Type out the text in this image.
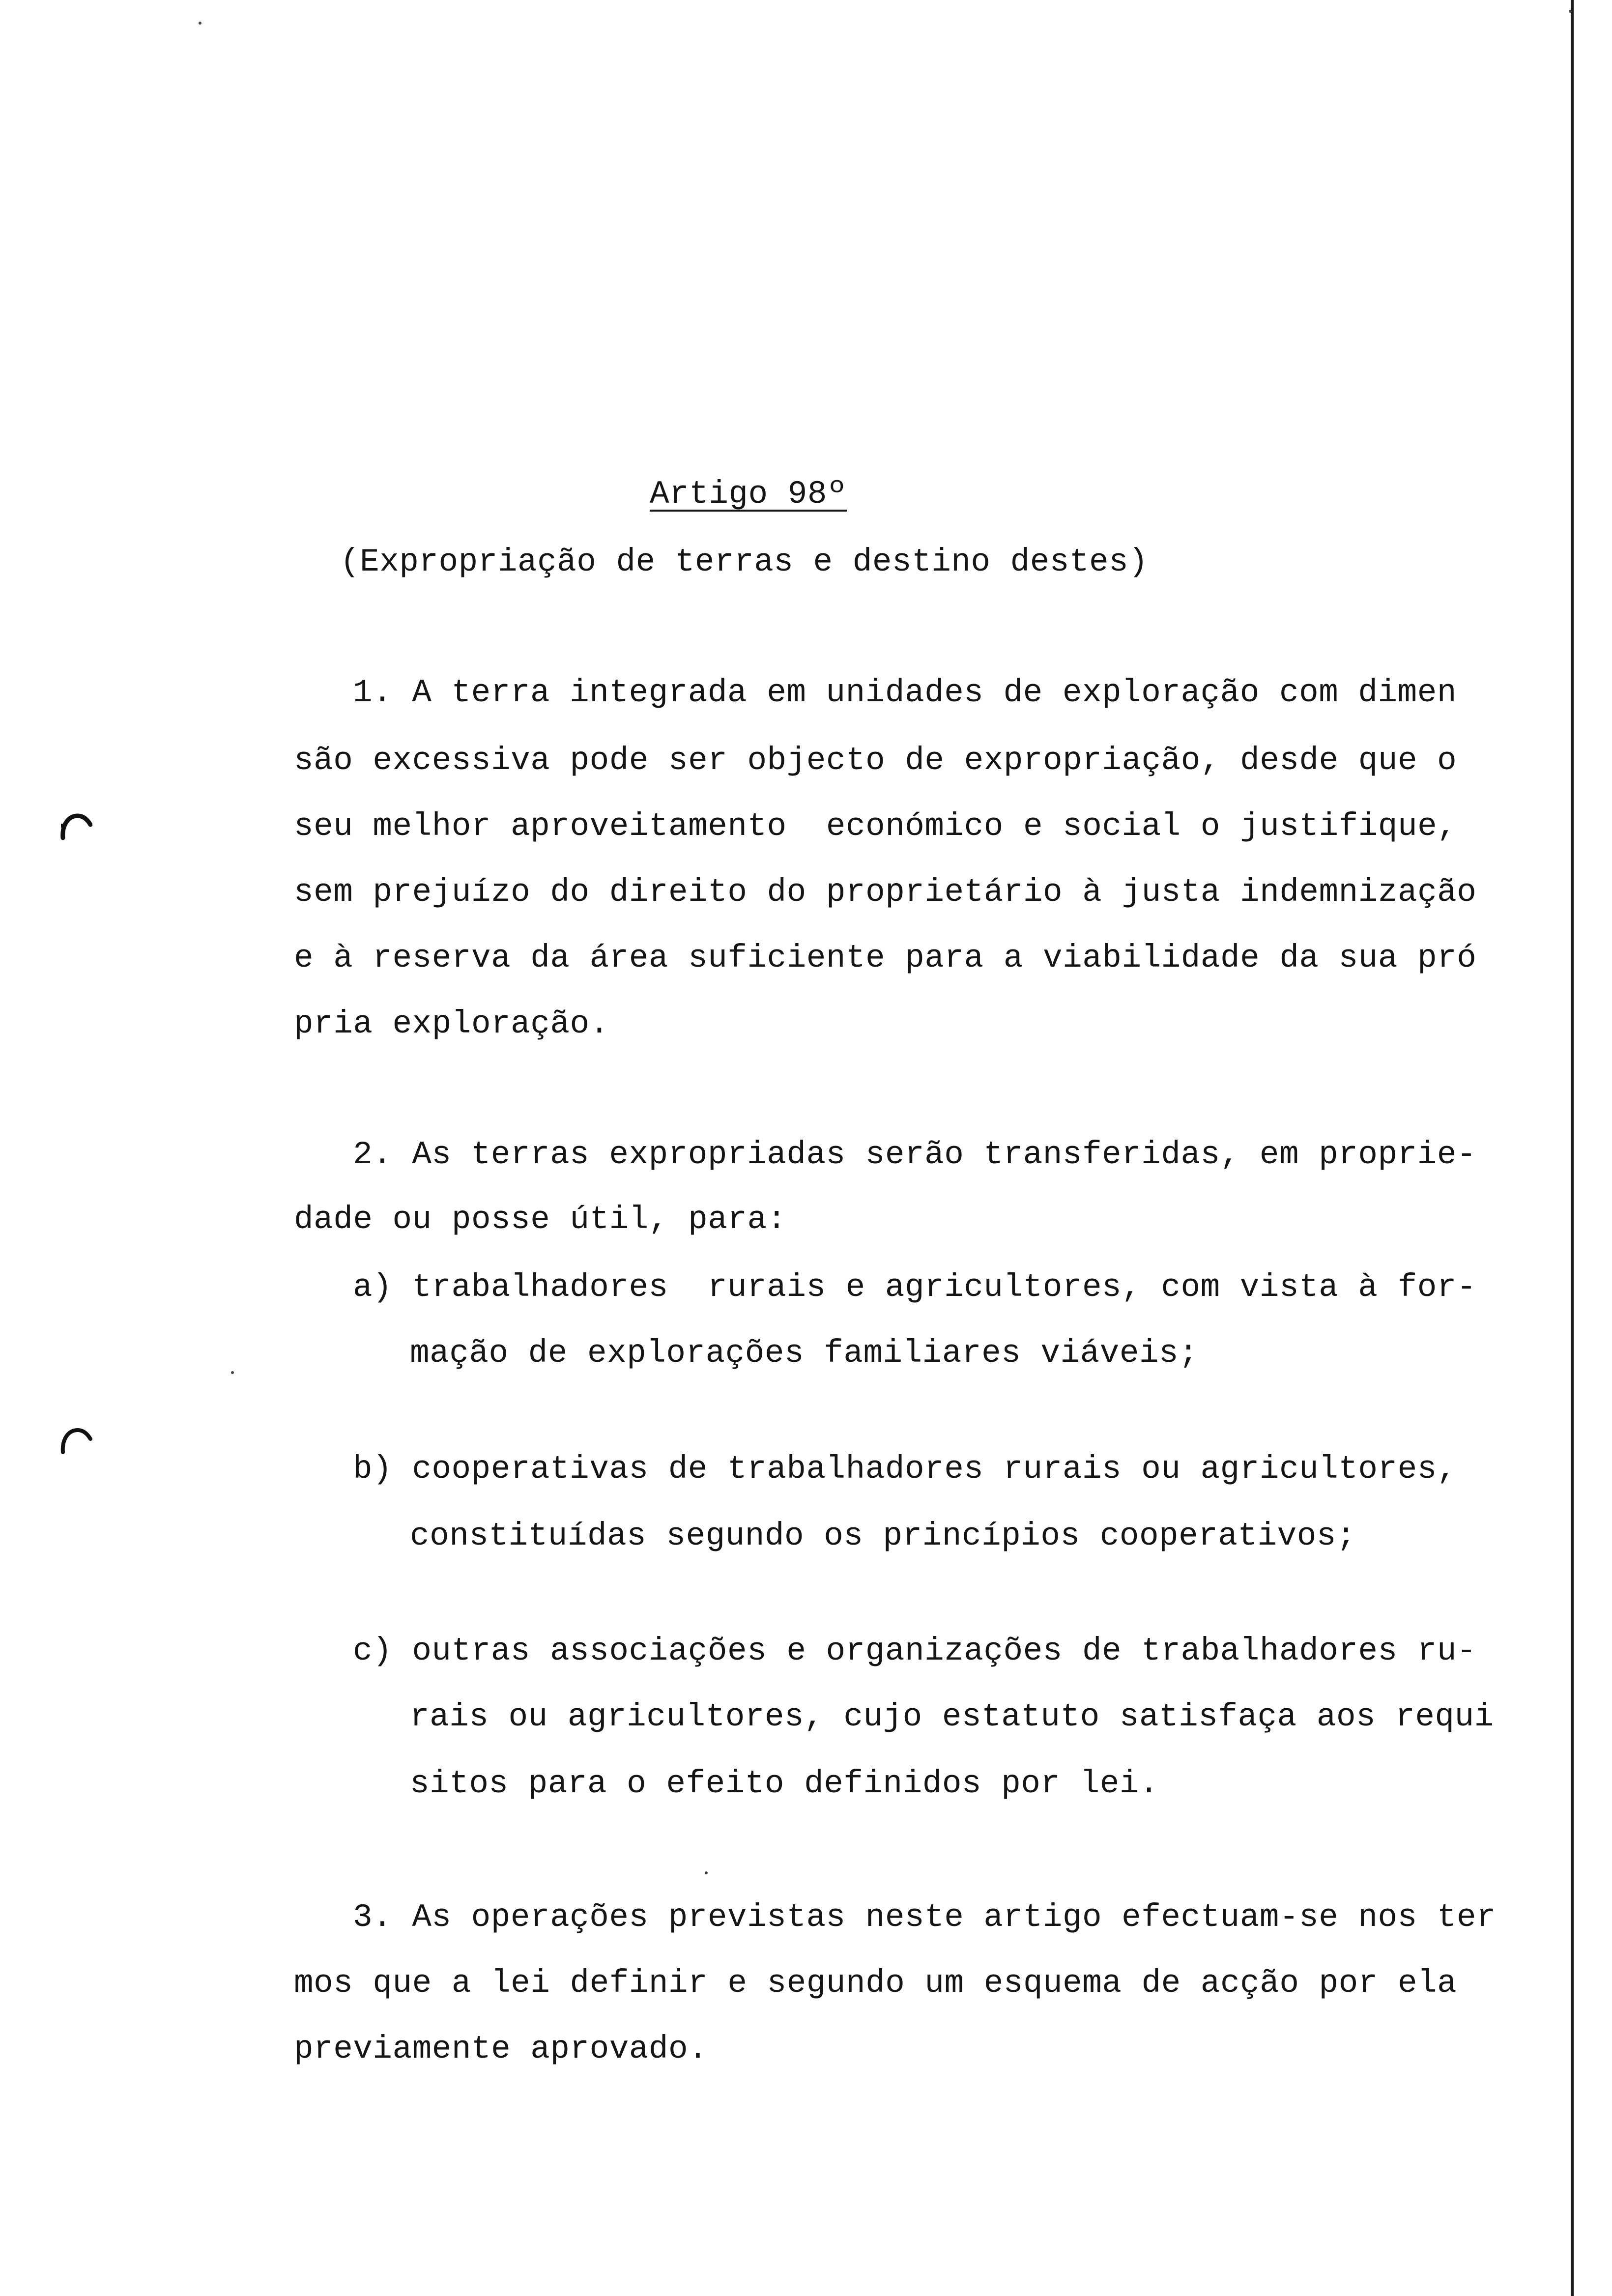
Artigo 98º
(Expropriação de terras e destino destes)
1. A terra integrada em unidades de exploração com dimen
são excessiva pode ser objecto de expropriação, desde que o
seu melhor aproveitamento  económico e social o justifique,
sem prejuízo do direito do proprietário à justa indemnização
e à reserva da área suficiente para a viabilidade da sua pró
pria exploração.
2. As terras expropriadas serão transferidas, em proprie-
dade ou posse útil, para:
a) trabalhadores  rurais e agricultores, com vista à for-
mação de explorações familiares viáveis;
b) cooperativas de trabalhadores rurais ou agricultores,
constituídas segundo os princípios cooperativos;
c) outras associações e organizações de trabalhadores ru-
rais ou agricultores, cujo estatuto satisfaça aos requi
sitos para o efeito definidos por lei.
3. As operações previstas neste artigo efectuam-se nos ter
mos que a lei definir e segundo um esquema de acção por ela
previamente aprovado.
